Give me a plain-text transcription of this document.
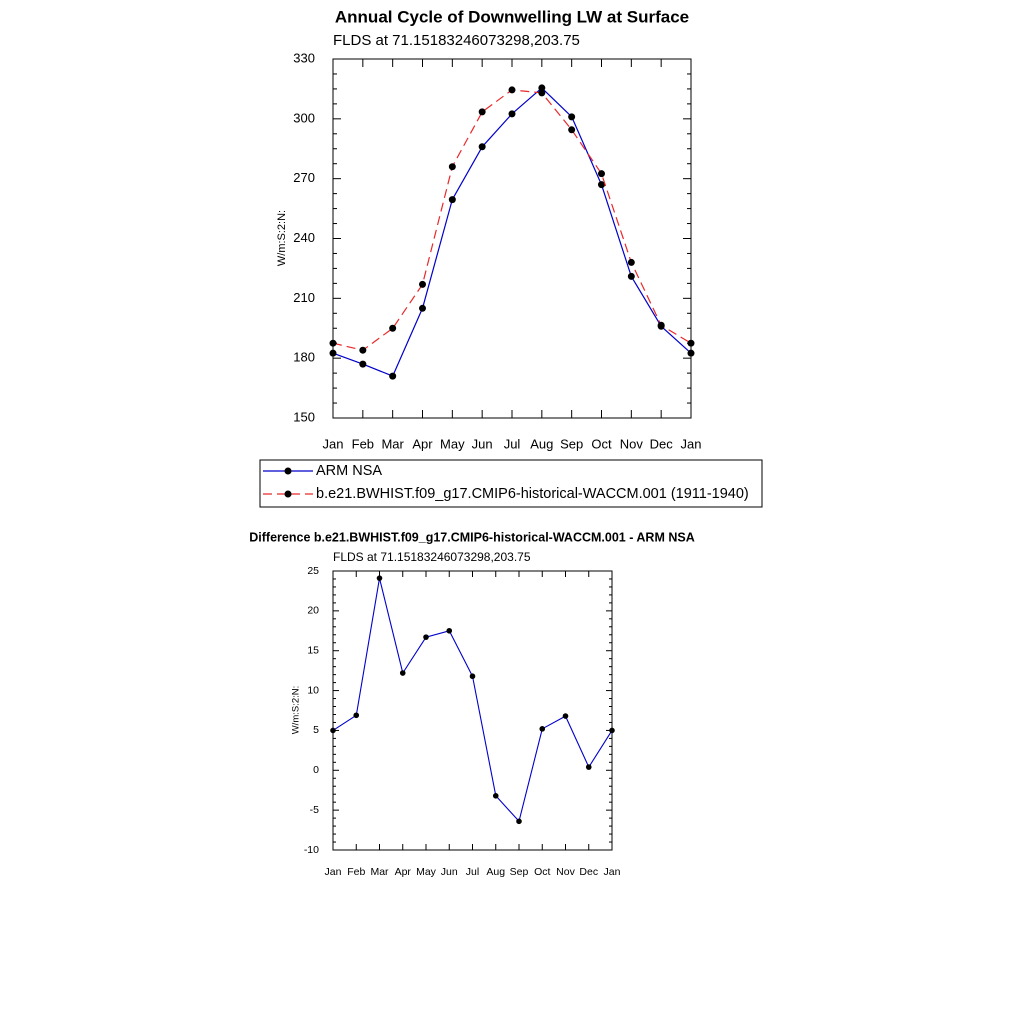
Annual Cycle of Downwelling LW at Surface
FLDS at 71.15183246073298,203.75
150
180
210
240
270
300
330
Jan Feb Mar Apr May Jun Jul Aug Sep Oct Nov Dec Jan
W/m:S:2:N:
ARM NSA
b.e21.BWHIST.f09_g17.CMIP6-historical-WACCM.001 (1911-1940)
Difference b.e21.BWHIST.f09_g17.CMIP6-historical-WACCM.001 - ARM NSA
FLDS at 71.15183246073298,203.75
-10
-5
0
5
10
15
20
25
Jan Feb Mar Apr May Jun Jul Aug Sep Oct Nov Dec Jan
W/m:S:2:N:
